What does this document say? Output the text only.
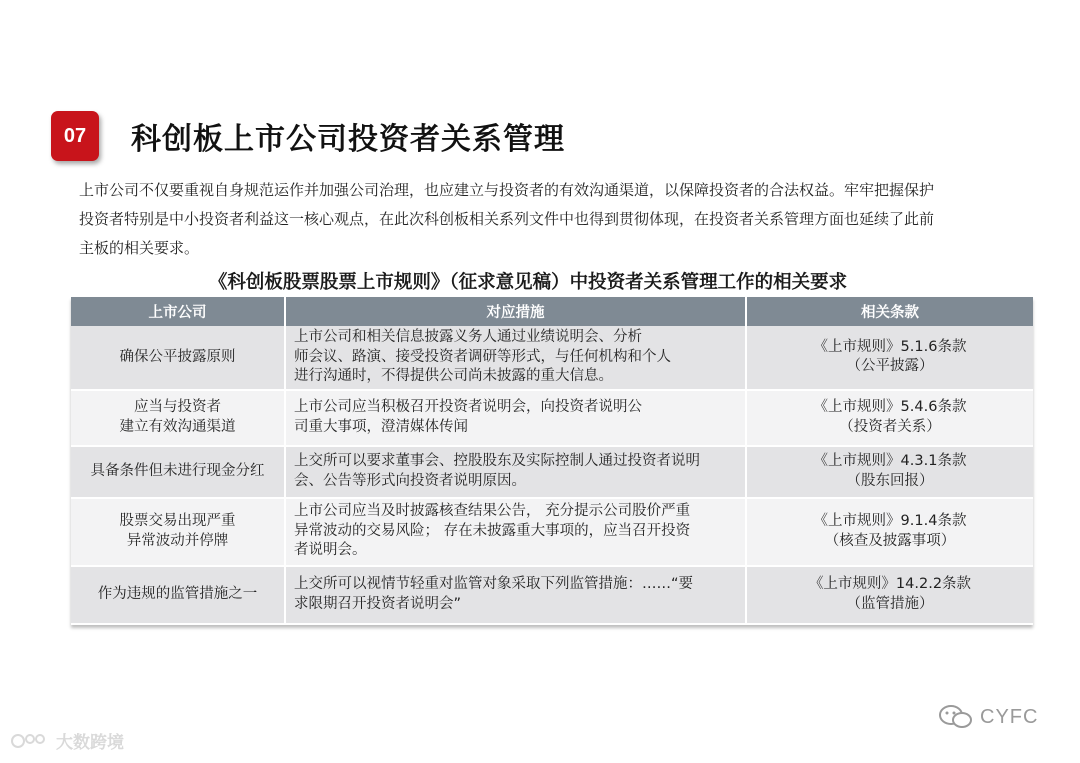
07	科创板上市公司投资者关系管理

上市公司不仅要重视自身规范运作并加强公司治理，也应建立与投资者的有效沟通渠道，以保障投资者的合法权益。牢牢把握保护
投资者特别是中小投资者利益这一核心观点，在此次科创板相关系列文件中也得到贯彻体现，在投资者关系管理方面也延续了此前
主板的相关要求。

《科创板股票股票上市规则》（征求意见稿）中投资者关系管理工作的相关要求
上市公司	对应措施	相关条款

确保公平披露原则	上市公司和相关信息披露义务人通过业绩说明会、分析
师会议、路演、接受投资者调研等形式，与任何机构和个人
进行沟通时，不得提供公司尚未披露的重大信息。	《上市规则》5.1.6条款
（公平披露）

应当与投资者
建立有效沟通渠道	上市公司应当积极召开投资者说明会，向投资者说明公
司重大事项，澄清媒体传闻	《上市规则》5.4.6条款
（投资者关系）

具备条件但未进行现金分红	上交所可以要求董事会、控股股东及实际控制人通过投资者说明
会、公告等形式向投资者说明原因。	《上市规则》4.3.1条款
（股东回报）

股票交易出现严重
异常波动并停牌	上市公司应当及时披露核查结果公告， 充分提示公司股价严重
异常波动的交易风险； 存在未披露重大事项的，应当召开投资
者说明会。	《上市规则》9.1.4条款
（核查及披露事项）

作为违规的监管措施之一	上交所可以视情节轻重对监管对象采取下列监管措施：……“要
求限期召开投资者说明会”	《上市规则》14.2.2条款
（监管措施）
大数跨境
CYFC
